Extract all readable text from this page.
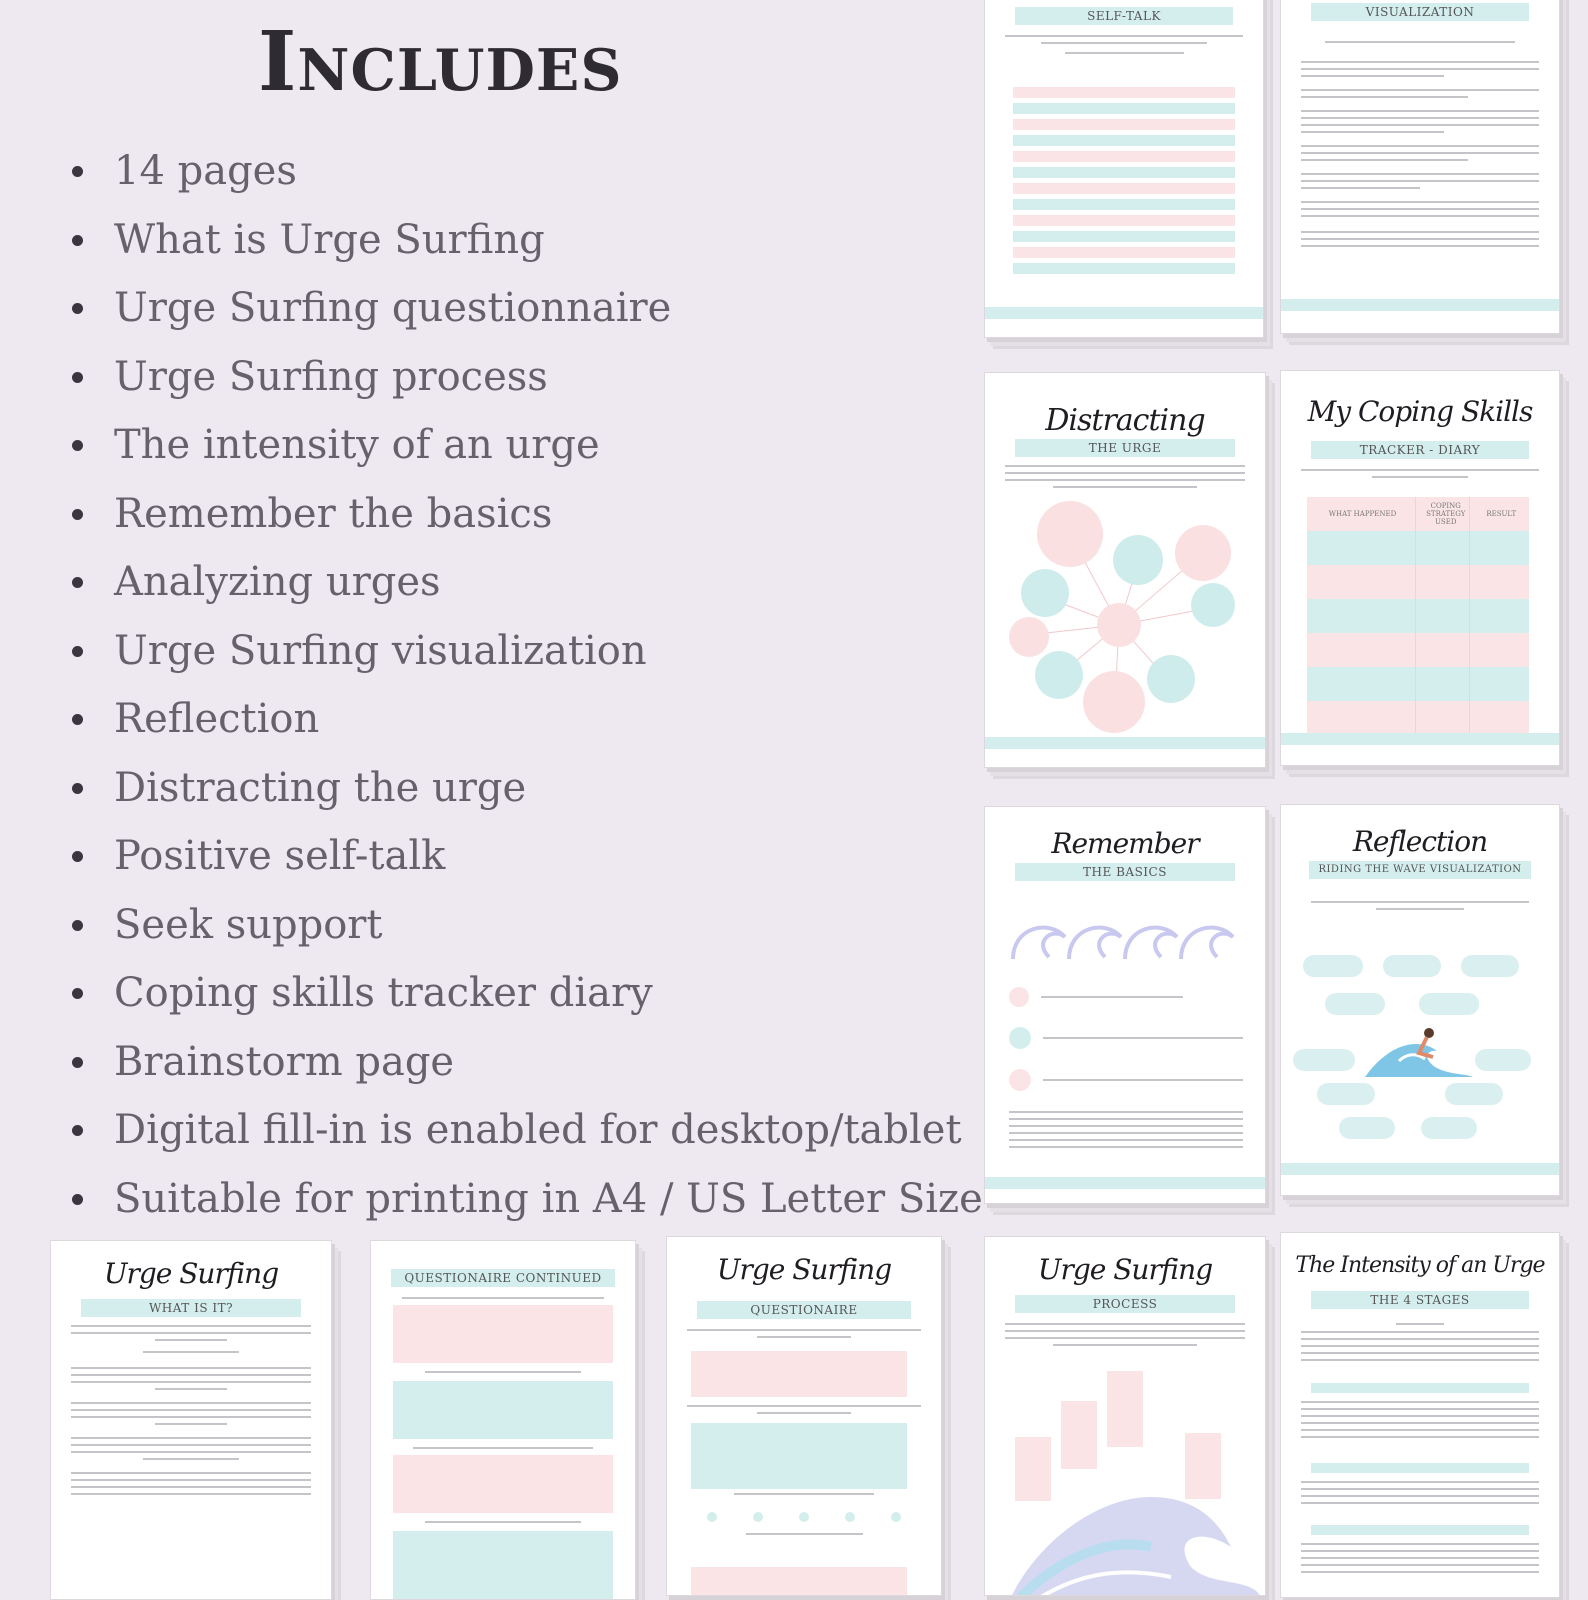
Includes
14 pages
What is Urge Surfing
Urge Surfing questionnaire
Urge Surfing process
The intensity of an urge
Remember the basics
Analyzing urges
Urge Surfing visualization
Reflection
Distracting the urge
Positive self-talk
Seek support
Coping skills tracker diary
Brainstorm page
Digital fill-in is enabled for desktop/tablet
Suitable for printing in A4 / US Letter Size
SELF-TALK	VISUALIZATION
Distracting
THE URGE
My Coping Skills
TRACKER - DIARY
WHAT HAPPENED
COPING STRATEGY USED
RESULT
Remember
THE BASICS
Reflection
RIDING THE WAVE VISUALIZATION
Urge Surfing
WHAT IS IT?
QUESTIONAIRE CONTINUED	Urge Surfing
QUESTIONAIRE
Urge Surfing
PROCESS
The Intensity of an Urge
THE 4 STAGES
